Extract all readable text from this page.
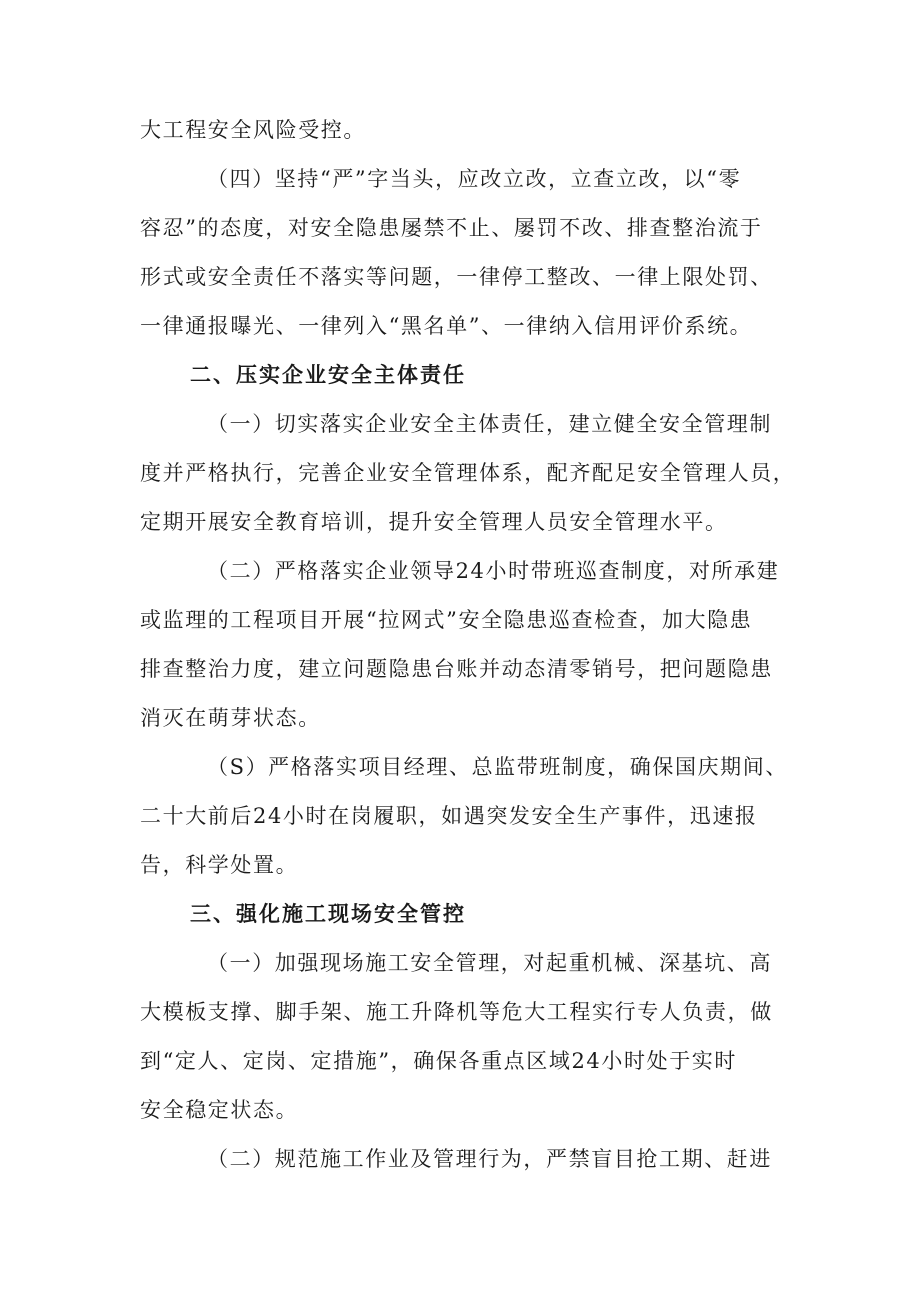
大工程安全风险受控。
（四）坚持“严”字当头，应改立改，立查立改，以“零
容忍”的态度，对安全隐患屡禁不止、屡罚不改、排查整治流于
形式或安全责任不落实等问题，一律停工整改、一律上限处罚、
一律通报曝光、一律列入“黑名单”、一律纳入信用评价系统。
二、压实企业安全主体责任
（一）切实落实企业安全主体责任，建立健全安全管理制
度并严格执行，完善企业安全管理体系，配齐配足安全管理人员，
定期开展安全教育培训，提升安全管理人员安全管理水平。
（二）严格落实企业领导24小时带班巡查制度，对所承建
或监理的工程项目开展“拉网式”安全隐患巡查检查，加大隐患
排查整治力度，建立问题隐患台账并动态清零销号，把问题隐患
消灭在萌芽状态。
（S）严格落实项目经理、总监带班制度，确保国庆期间、
二十大前后24小时在岗履职，如遇突发安全生产事件，迅速报
告，科学处置。
三、强化施工现场安全管控
（一）加强现场施工安全管理，对起重机械、深基坑、高
大模板支撑、脚手架、施工升降机等危大工程实行专人负责，做
到“定人、定岗、定措施”，确保各重点区域24小时处于实时
安全稳定状态。
（二）规范施工作业及管理行为，严禁盲目抢工期、赶进
